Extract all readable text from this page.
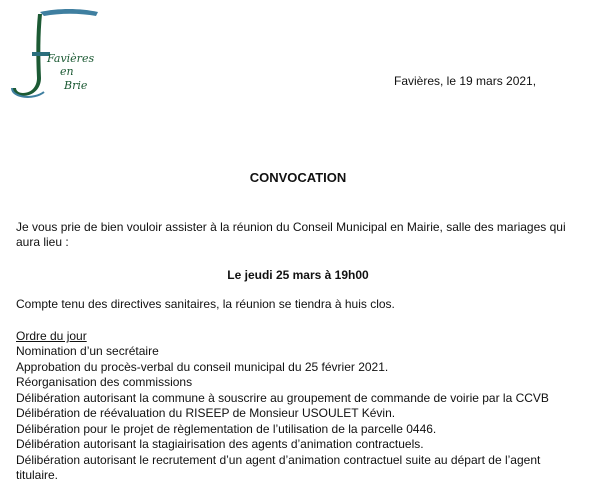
Favières
en
Brie	Favières, le 19 mars 2021,
CONVOCATION
Je vous prie de bien vouloir assister à la réunion du Conseil Municipal en Mairie, salle des mariages qui aura lieu :
Le jeudi 25 mars à 19h00
Compte tenu des directives sanitaires, la réunion se tiendra à huis clos.
Ordre du jour
Nomination d’un secrétaire
Approbation du procès-verbal du conseil municipal du 25 février 2021.
Réorganisation des commissions
Délibération autorisant la commune à souscrire au groupement de commande de voirie par la CCVB
Délibération de réévaluation du RISEEP de Monsieur USOULET Kévin.
Délibération pour le projet de règlementation de l’utilisation de la parcelle 0446.
Délibération autorisant la stagiairisation des agents d’animation contractuels.
Délibération autorisant le recrutement d’un agent d’animation contractuel suite au départ de l’agent titulaire.
